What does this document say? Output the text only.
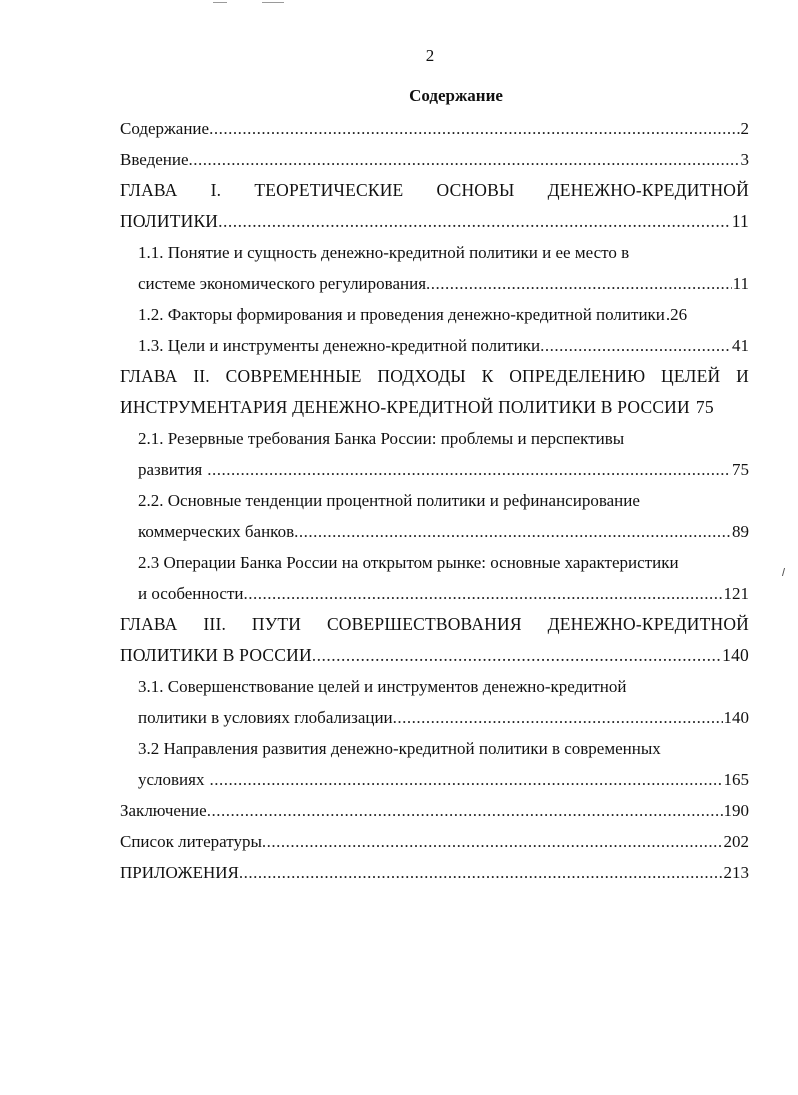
2
Содержание
Содержание .....	2
Введение .....	3
ГЛАВА I. ТЕОРЕТИЧЕСКИЕ ОСНОВЫ ДЕНЕЖНО-КРЕДИТНОЙ
ПОЛИТИКИ .....	11
1.1. Понятие и сущность денежно-кредитной политики и ее место в
системе экономического регулирования .....	11
1.2. Факторы формирования и проведения денежно-кредитной политики .26
1.3. Цели и инструменты денежно-кредитной политики .....	41
ГЛАВА II. СОВРЕМЕННЫЕ ПОДХОДЫ К ОПРЕДЕЛЕНИЮ ЦЕЛЕЙ И
ИНСТРУМЕНТАРИЯ ДЕНЕЖНО-КРЕДИТНОЙ ПОЛИТИКИ В РОССИИ 75
2.1. Резервные требования Банка России: проблемы и перспективы
развития .....	75
2.2. Основные тенденции процентной политики и рефинансирование
коммерческих банков .....	89
2.3 Операции Банка России на открытом рынке: основные характеристики
и особенности .....	121
ГЛАВА III. ПУТИ СОВЕРШЕСТВОВАНИЯ ДЕНЕЖНО-КРЕДИТНОЙ
ПОЛИТИКИ В РОССИИ .....	140
3.1. Совершенствование целей и инструментов денежно-кредитной
политики в условиях глобализации .....	140
3.2 Направления развития денежно-кредитной политики в современных
условиях .....	165
Заключение .....	190
Список литературы .....	202
ПРИЛОЖЕНИЯ .....	213
